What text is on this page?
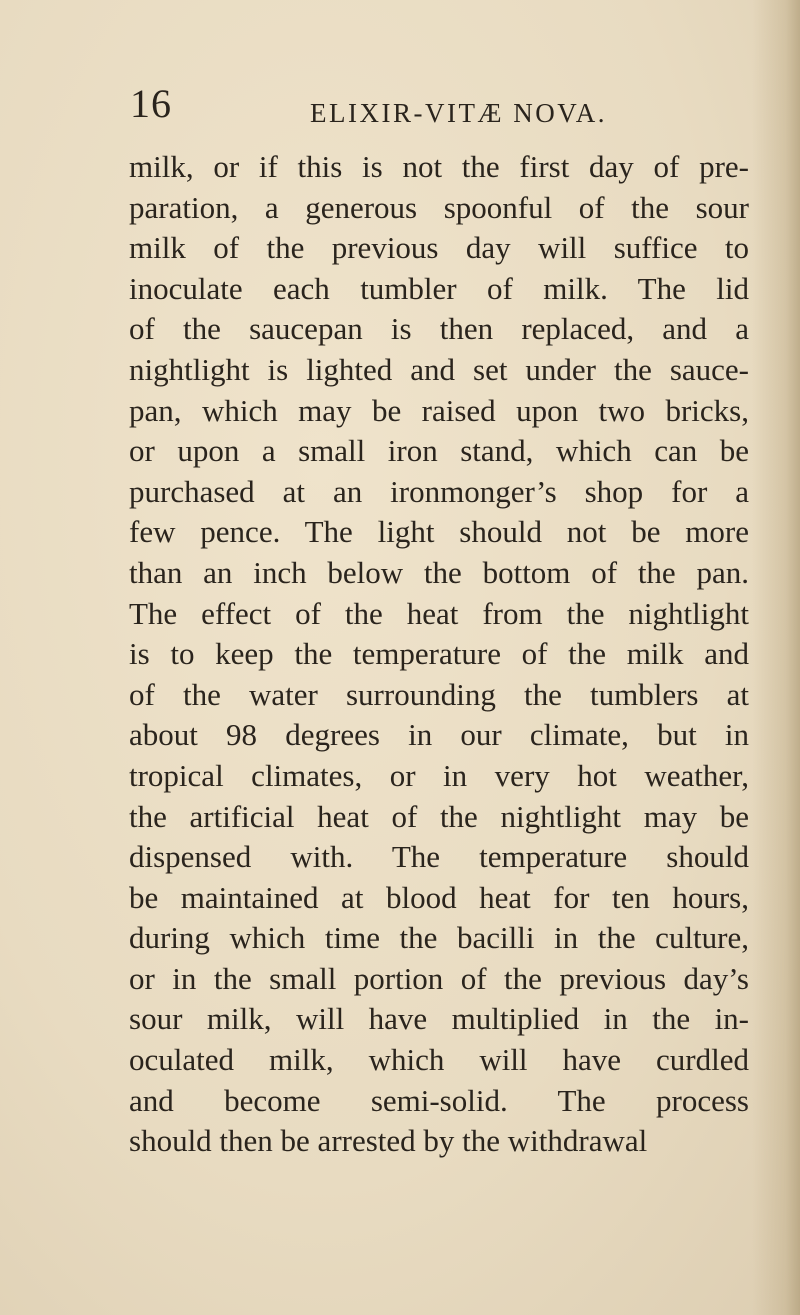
16	ELIXIR-VITÆ NOVA.
milk, or if this is not the first day of pre-
paration, a generous spoonful of the sour
milk of the previous day will suffice to
inoculate each tumbler of milk. The lid
of the saucepan is then replaced, and a
nightlight is lighted and set under the sauce-
pan, which may be raised upon two bricks,
or upon a small iron stand, which can be
purchased at an ironmonger’s shop for a
few pence. The light should not be more
than an inch below the bottom of the pan.
The effect of the heat from the nightlight
is to keep the temperature of the milk and
of the water surrounding the tumblers at
about 98 degrees in our climate, but in
tropical climates, or in very hot weather,
the artificial heat of the nightlight may be
dispensed with. The temperature should
be maintained at blood heat for ten hours,
during which time the bacilli in the culture,
or in the small portion of the previous day’s
sour milk, will have multiplied in the in-
oculated milk, which will have curdled
and become semi-solid. The process
should then be arrested by the withdrawal
